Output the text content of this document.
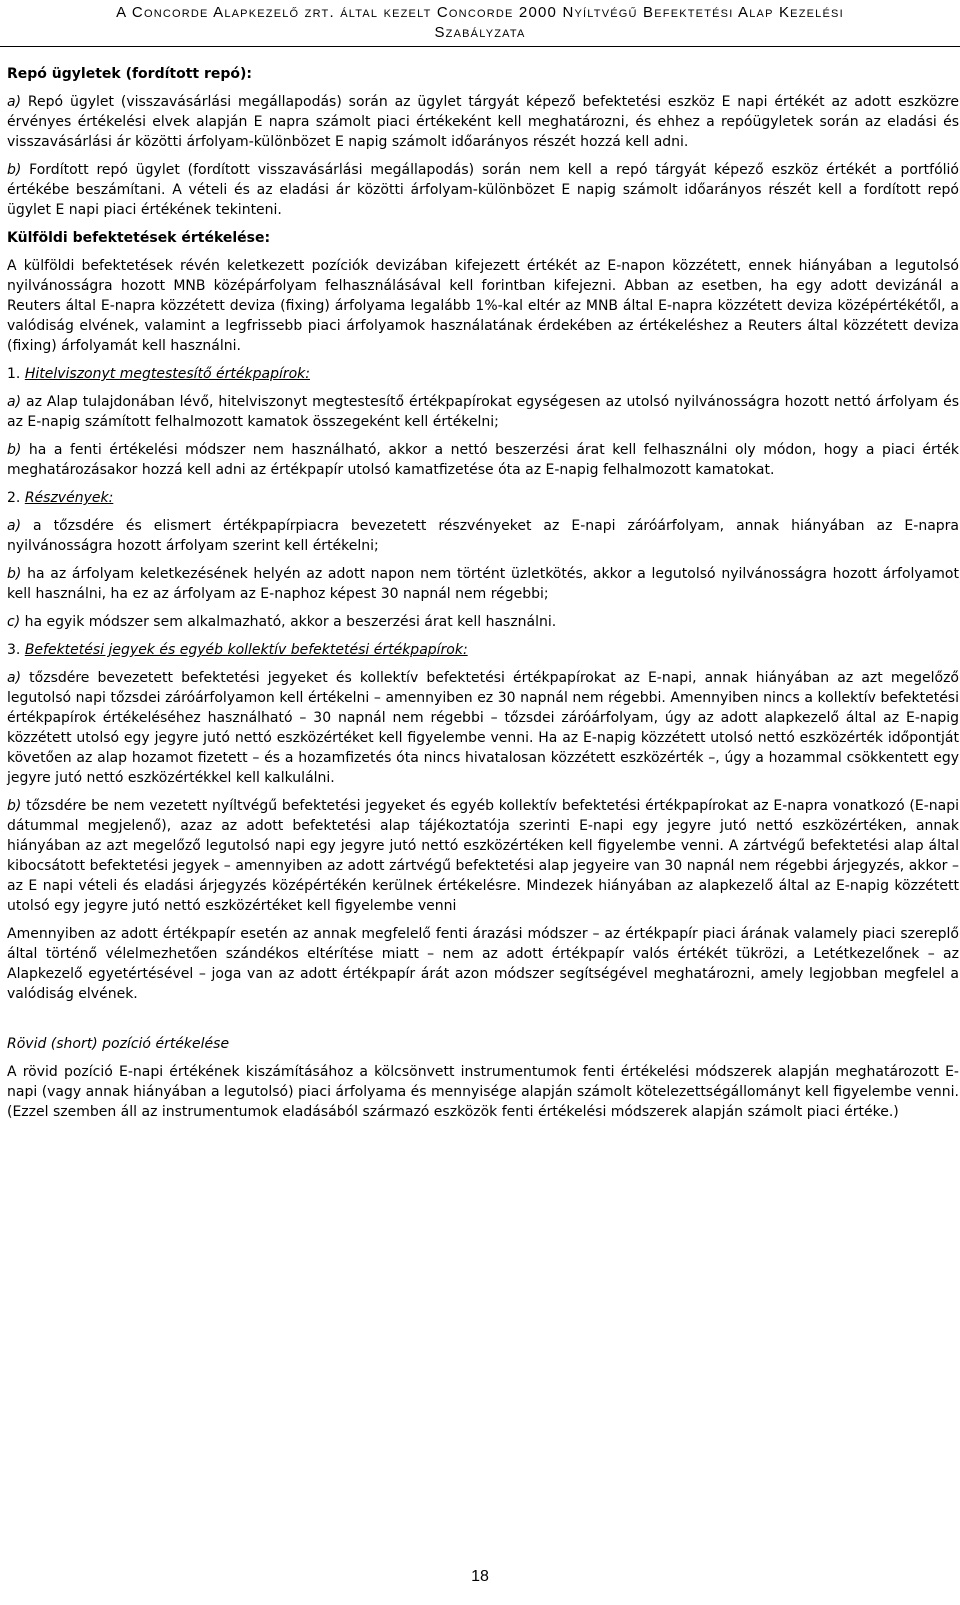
A Concorde Alapkezelő zrt. által kezelt Concorde 2000 Nyíltvégű Befektetési Alap Kezelési
Szabályzata

Repó ügyletek (fordított repó):

a) Repó ügylet (visszavásárlási megállapodás) során az ügylet tárgyát képező befektetési eszköz E napi értékét az adott eszközre érvényes értékelési elvek alapján E napra számolt piaci értékeként kell meghatározni, és ehhez a repóügyletek során az eladási és visszavásárlási ár közötti árfolyam-különbözet E napig számolt időarányos részét hozzá kell adni.

b) Fordított repó ügylet (fordított visszavásárlási megállapodás) során nem kell a repó tárgyát képező eszköz értékét a portfólió értékébe beszámítani. A vételi és az eladási ár közötti árfolyam-különbözet E napig számolt időarányos részét kell a fordított repó ügylet E napi piaci értékének tekinteni.

Külföldi befektetések értékelése:

A külföldi befektetések révén keletkezett pozíciók devizában kifejezett értékét az E-napon közzétett, ennek hiányában a legutolsó nyilvánosságra hozott MNB középárfolyam felhasználásával kell forintban kifejezni. Abban az esetben, ha egy adott devizánál a Reuters által E-napra közzétett deviza (fixing) árfolyama legalább 1%-kal eltér az MNB által E-napra közzétett deviza középértékétől, a valódiság elvének, valamint a legfrissebb piaci árfolyamok használatának érdekében az értékeléshez a Reuters által közzétett deviza (fixing) árfolyamát kell használni.

1. Hitelviszonyt megtestesítő értékpapírok:

a) az Alap tulajdonában lévő, hitelviszonyt megtestesítő értékpapírokat egységesen az utolsó nyilvánosságra hozott nettó árfolyam és az E-napig számított felhalmozott kamatok összegeként kell értékelni;

b) ha a fenti értékelési módszer nem használható, akkor a nettó beszerzési árat kell felhasználni oly módon, hogy a piaci érték meghatározásakor hozzá kell adni az értékpapír utolsó kamatfizetése óta az E-napig felhalmozott kamatokat.

2. Részvények:

a) a tőzsdére és elismert értékpapírpiacra bevezetett részvényeket az E-napi záróárfolyam, annak hiányában az E-napra nyilvánosságra hozott árfolyam szerint kell értékelni;

b) ha az árfolyam keletkezésének helyén az adott napon nem történt üzletkötés, akkor a legutolsó nyilvánosságra hozott árfolyamot kell használni, ha ez az árfolyam az E-naphoz képest 30 napnál nem régebbi;

c) ha egyik módszer sem alkalmazható, akkor a beszerzési árat kell használni.

3. Befektetési jegyek és egyéb kollektív befektetési értékpapírok:

a) tőzsdére bevezetett befektetési jegyeket és kollektív befektetési értékpapírokat az E-napi, annak hiányában az azt megelőző legutolsó napi tőzsdei záróárfolyamon kell értékelni – amennyiben ez 30 napnál nem régebbi. Amennyiben nincs a kollektív befektetési értékpapírok értékeléséhez használható – 30 napnál nem régebbi – tőzsdei záróárfolyam, úgy az adott alapkezelő által az E-napig közzétett utolsó egy jegyre jutó nettó eszközértéket kell figyelembe venni. Ha az E-napig közzétett utolsó nettó eszközérték időpontját követően az alap hozamot fizetett – és a hozamfizetés óta nincs hivatalosan közzétett eszközérték –, úgy a hozammal csökkentett egy jegyre jutó nettó eszközértékkel kell kalkulálni.

b) tőzsdére be nem vezetett nyíltvégű befektetési jegyeket és egyéb kollektív befektetési értékpapírokat az E-napra vonatkozó (E-napi dátummal megjelenő), azaz az adott befektetési alap tájékoztatója szerinti E-napi egy jegyre jutó nettó eszközértéken, annak hiányában az azt megelőző legutolsó napi egy jegyre jutó nettó eszközértéken kell figyelembe venni. A zártvégű befektetési alap által kibocsátott befektetési jegyek – amennyiben az adott zártvégű befektetési alap jegyeire van 30 napnál nem régebbi árjegyzés, akkor – az E napi vételi és eladási árjegyzés középértékén kerülnek értékelésre. Mindezek hiányában az alapkezelő által az E-napig közzétett utolsó egy jegyre jutó nettó eszközértéket kell figyelembe venni

Amennyiben az adott értékpapír esetén az annak megfelelő fenti árazási módszer – az értékpapír piaci árának valamely piaci szereplő által történő vélelmezhetően szándékos eltérítése miatt – nem az adott értékpapír valós értékét tükrözi, a Letétkezelőnek – az Alapkezelő egyetértésével – joga van az adott értékpapír árát azon módszer segítségével meghatározni, amely legjobban megfelel a valódiság elvének.

Rövid (short) pozíció értékelése

A rövid pozíció E-napi értékének kiszámításához a kölcsönvett instrumentumok fenti értékelési módszerek alapján meghatározott E-napi (vagy annak hiányában a legutolsó) piaci árfolyama és mennyisége alapján számolt kötelezettségállományt kell figyelembe venni. (Ezzel szemben áll az instrumentumok eladásából származó eszközök fenti értékelési módszerek alapján számolt piaci értéke.)

18
